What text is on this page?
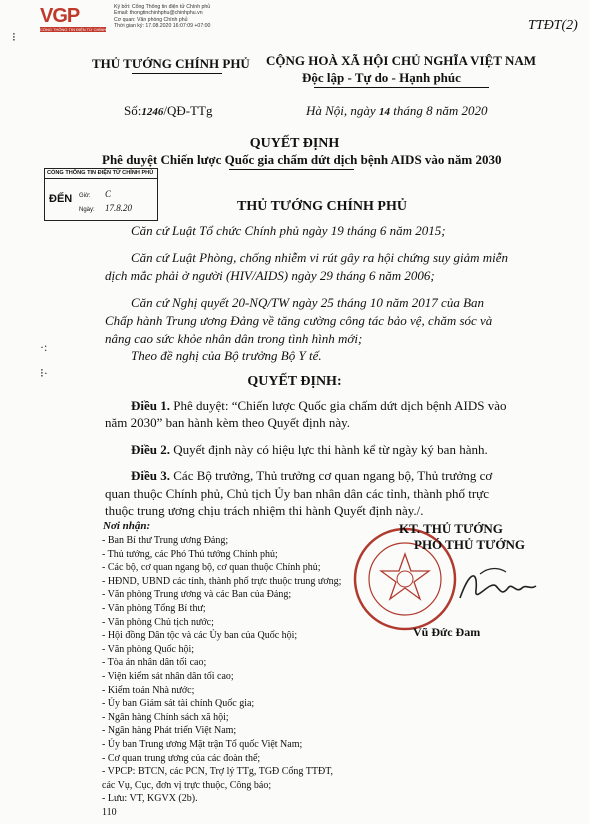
VGP
CỔNG THÔNG TIN ĐIỆN TỬ CHÍNH PHỦ
Ký bởi: Cổng Thông tin điện tử Chính phủ
Email: thongtinchinhphu@chinhphu.vn
Cơ quan: Văn phòng Chính phủ
Thời gian ký: 17.08.2020 16:07:09 +07:00	TTĐT(2)
⁝
THỦ TƯỚNG CHÍNH PHỦ CỘNG HOÀ XÃ HỘI CHỦ NGHĨA VIỆT NAM
Độc lập - Tự do - Hạnh phúc
Số:1246/QĐ-TTg	Hà Nội, ngày 14 tháng 8 năm 2020
QUYẾT ĐỊNH
Phê duyệt Chiến lược Quốc gia chấm dứt dịch bệnh AIDS vào năm 2030
CỔNG THÔNG TIN ĐIỆN TỬ CHÍNH PHỦ
ĐẾN Giờ: C
Ngày: 17.8.20	THỦ TƯỚNG CHÍNH PHỦ
Căn cứ Luật Tổ chức Chính phủ ngày 19 tháng 6 năm 2015;
Căn cứ Luật Phòng, chống nhiễm vi rút gây ra hội chứng suy giảm miễn
dịch mắc phải ở người (HIV/AIDS) ngày 29 tháng 6 năm 2006;
Căn cứ Nghị quyết 20-NQ/TW ngày 25 tháng 10 năm 2017 của Ban
Chấp hành Trung ương Đảng về tăng cường công tác bảo vệ, chăm sóc và
nâng cao sức khỏe nhân dân trong tình hình mới;
Theo đề nghị của Bộ trưởng Bộ Y tế.
·:
⁝·
QUYẾT ĐỊNH:
Điều 1. Phê duyệt: “Chiến lược Quốc gia chấm dứt dịch bệnh AIDS vào
năm 2030” ban hành kèm theo Quyết định này.
Điều 2. Quyết định này có hiệu lực thi hành kể từ ngày ký ban hành.
Điều 3. Các Bộ trưởng, Thủ trưởng cơ quan ngang bộ, Thủ trưởng cơ
quan thuộc Chính phủ, Chủ tịch Ủy ban nhân dân các tỉnh, thành phố trực
thuộc trung ương chịu trách nhiệm thi hành Quyết định này./.
Nơi nhận:
- Ban Bí thư Trung ương Đảng;
- Thủ tướng, các Phó Thủ tướng Chính phủ;
- Các bộ, cơ quan ngang bộ, cơ quan thuộc Chính phủ;
- HĐND, UBND các tỉnh, thành phố trực thuộc trung ương;
- Văn phòng Trung ương và các Ban của Đảng;
- Văn phòng Tổng Bí thư;
- Văn phòng Chủ tịch nước;
- Hội đồng Dân tộc và các Ủy ban của Quốc hội;
- Văn phòng Quốc hội;
- Tòa án nhân dân tối cao;
- Viện kiểm sát nhân dân tối cao;
- Kiểm toán Nhà nước;
- Ủy ban Giám sát tài chính Quốc gia;
- Ngân hàng Chính sách xã hội;
- Ngân hàng Phát triển Việt Nam;
- Ủy ban Trung ương Mặt trận Tổ quốc Việt Nam;
- Cơ quan trung ương của các đoàn thể;
- VPCP: BTCN, các PCN, Trợ lý TTg, TGĐ Cổng TTĐT,
các Vụ, Cục, đơn vị trực thuộc, Công báo;
- Lưu: VT, KGVX (2b).
110
KT. THỦ TƯỚNG
PHÓ THỦ TƯỚNG
Vũ Đức Đam
